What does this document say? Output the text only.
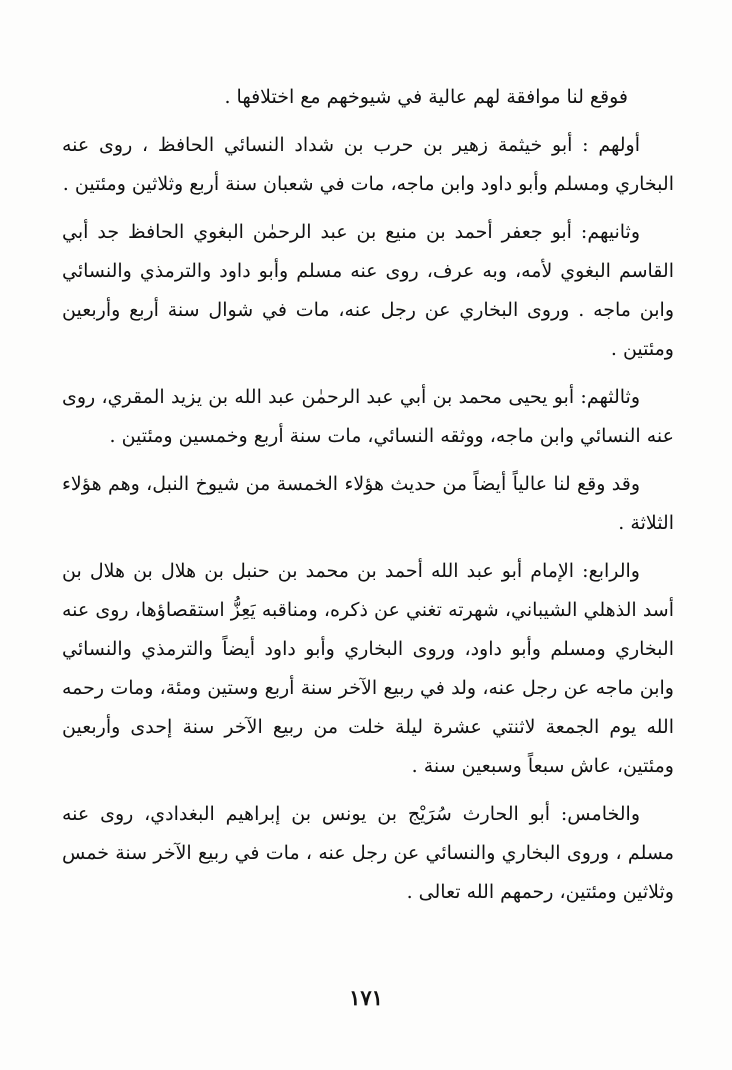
فوقع لنا موافقة لهم عالية في شيوخهم مع اختلافها .

أولهم : أبو خيثمة زهير بن حرب بن شداد النسائي الحافظ ، روى عنه البخاري ومسلم وأبو داود وابن ماجه، مات في شعبان سنة أربع وثلاثين ومئتين .

وثانيهم: أبو جعفر أحمد بن منيع بن عبد الرحمٰن البغوي الحافظ جد أبي القاسم البغوي لأمه، وبه عرف، روى عنه مسلم وأبو داود والترمذي والنسائي وابن ماجه . وروى البخاري عن رجل عنه، مات في شوال سنة أربع وأربعين ومئتين .

وثالثهم: أبو يحيى محمد بن أبي عبد الرحمٰن عبد الله بن يزيد المقري، روى عنه النسائي وابن ماجه، ووثقه النسائي، مات سنة أربع وخمسين ومئتين .

وقد وقع لنا عالياً أيضاً من حديث هؤلاء الخمسة من شيوخ النبل، وهم هؤلاء الثلاثة .

والرابع: الإمام أبو عبد الله أحمد بن محمد بن حنبل بن هلال بن هلال بن أسد الذهلي الشيباني، شهرته تغني عن ذكره، ومناقبه يَعِزُّ استقصاؤها، روى عنه البخاري ومسلم وأبو داود، وروى البخاري وأبو داود أيضاً والترمذي والنسائي وابن ماجه عن رجل عنه، ولد في ربيع الآخر سنة أربع وستين ومئة، ومات رحمه الله يوم الجمعة لاثنتي عشرة ليلة خلت من ربيع الآخر سنة إحدى وأربعين ومئتين، عاش سبعاً وسبعين سنة .

والخامس: أبو الحارث سُرَيْج بن يونس بن إبراهيم البغدادي، روى عنه مسلم ، وروى البخاري والنسائي عن رجل عنه ، مات في ربيع الآخر سنة خمس وثلاثين ومئتين، رحمهم الله تعالى .

١٧١
